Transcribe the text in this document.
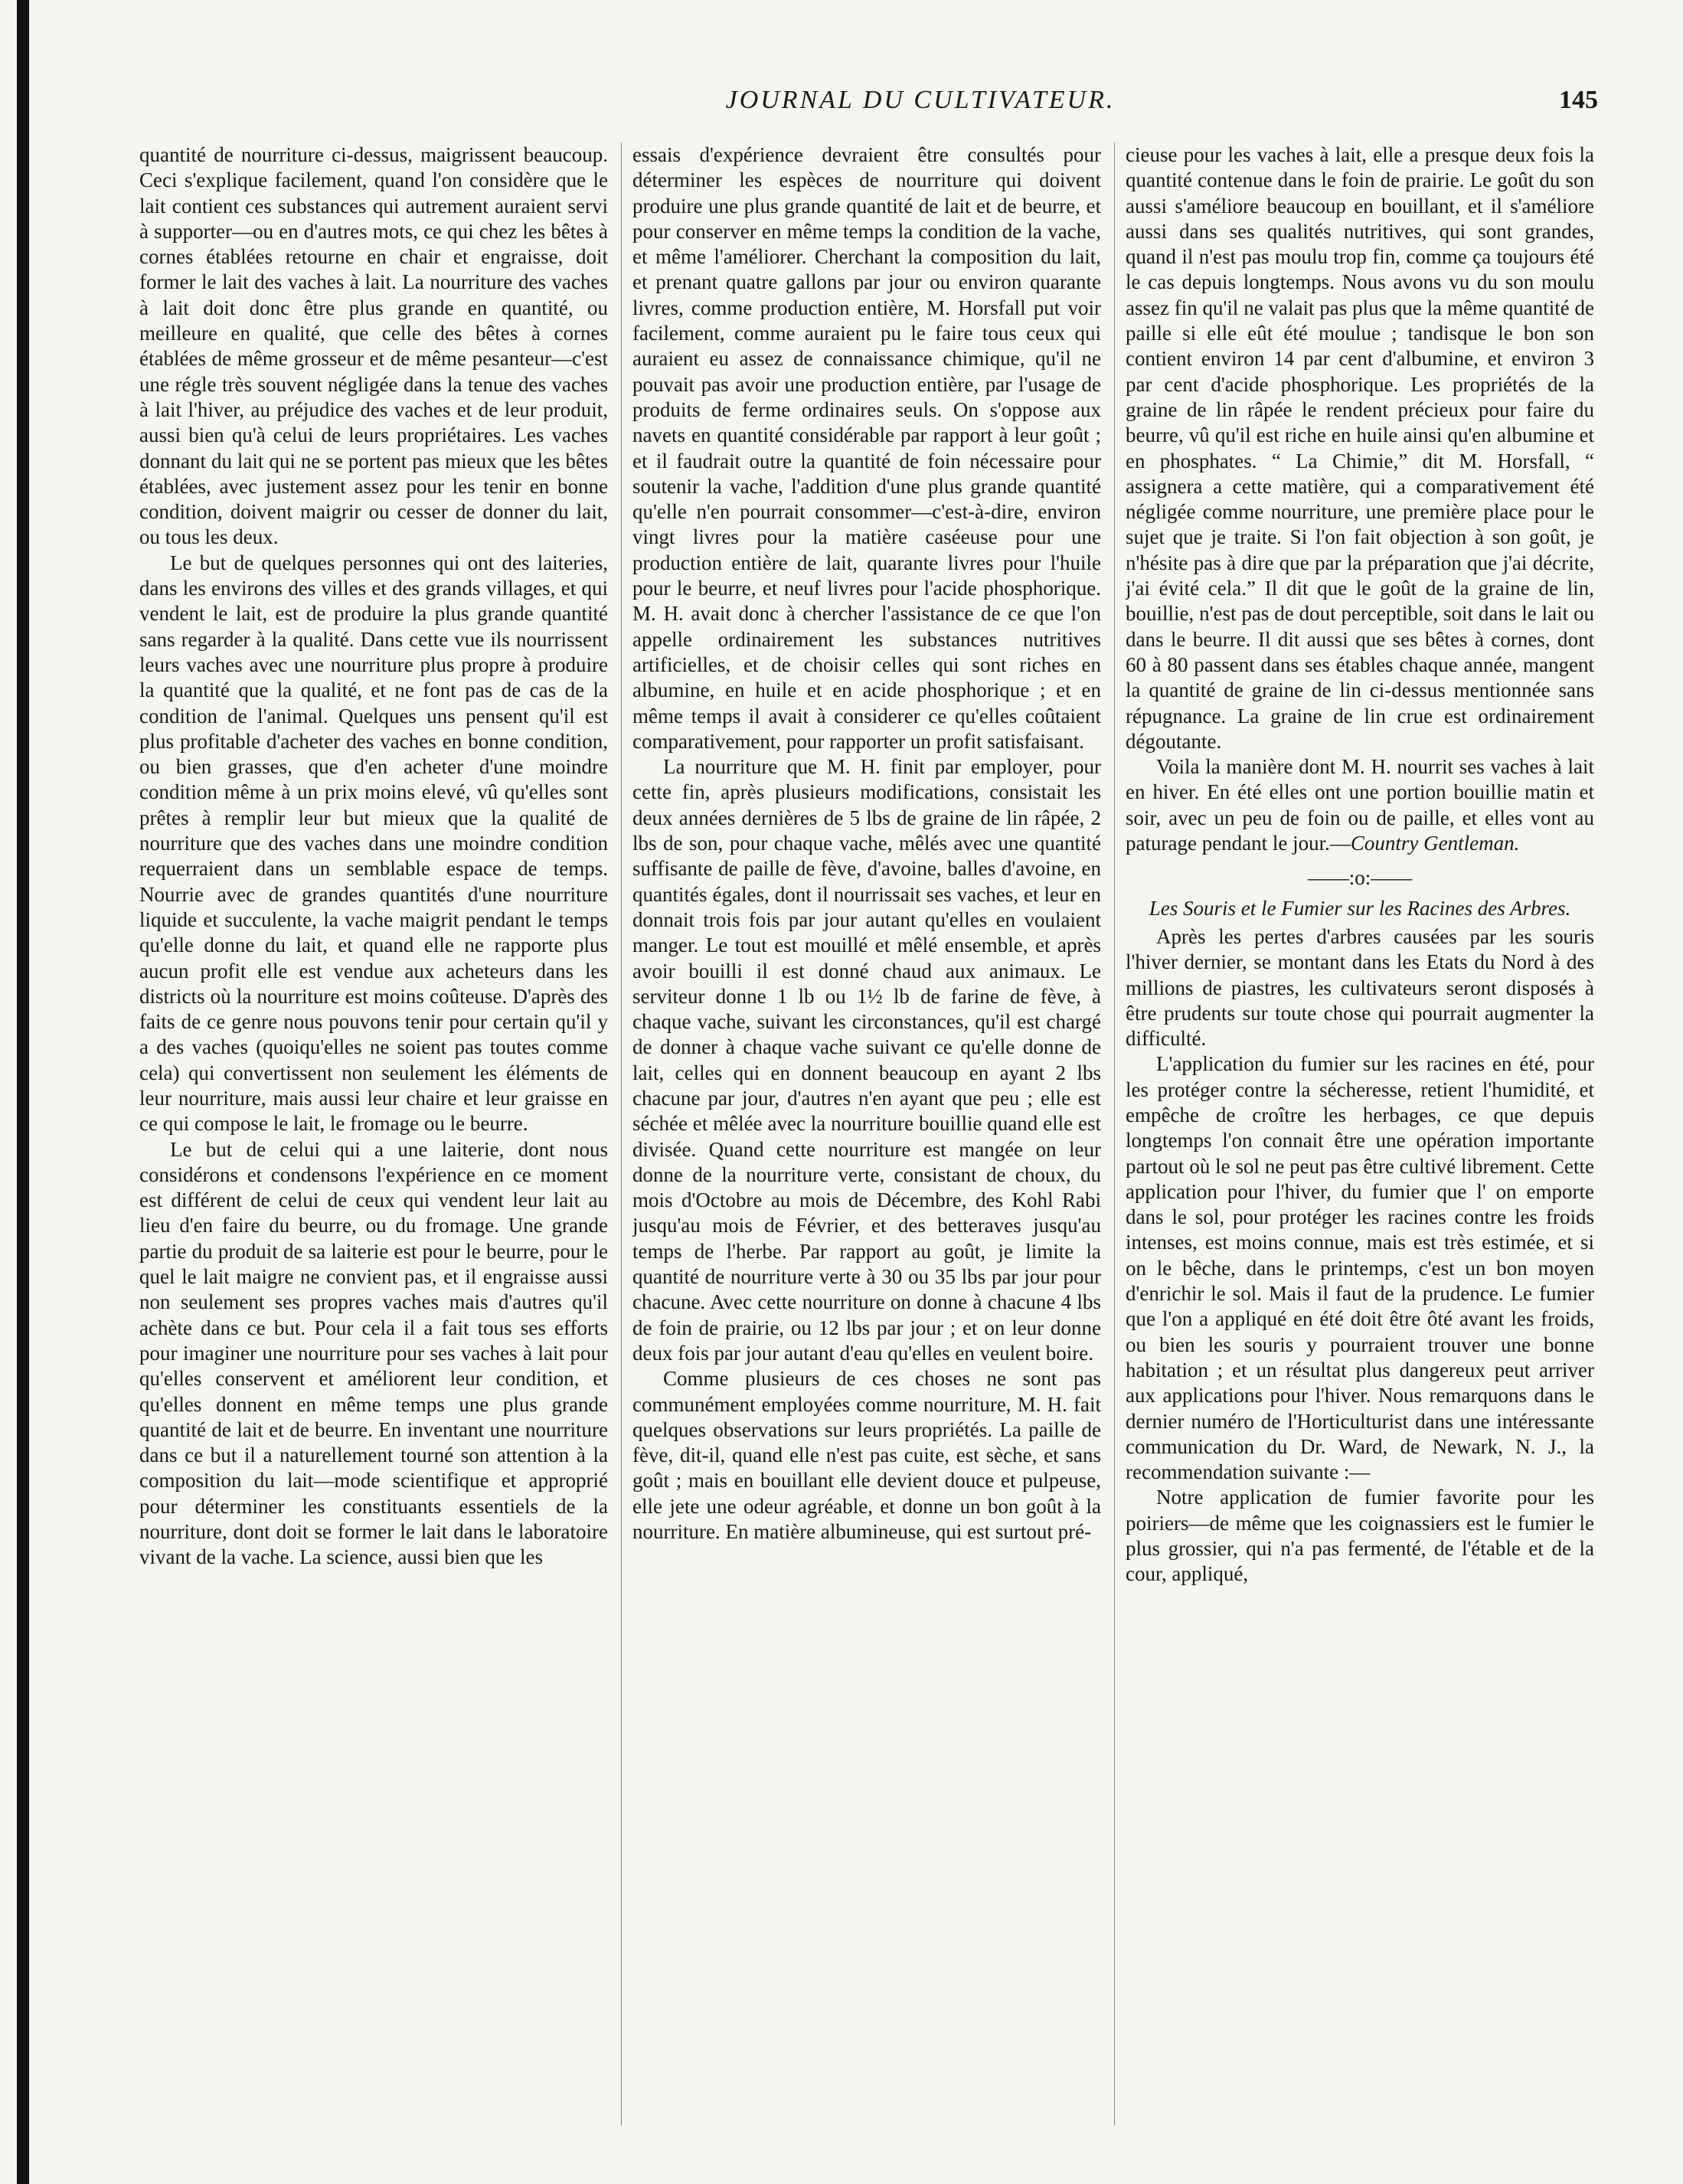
JOURNAL DU CULTIVATEUR.	145

quantité de nourriture ci-dessus, maigrissent beaucoup. Ceci s'explique facilement, quand l'on considère que le lait contient ces substances qui autrement auraient servi à supporter—ou en d'autres mots, ce qui chez les bêtes à cornes établées retourne en chair et engraisse, doit former le lait des vaches à lait. La nourriture des vaches à lait doit donc être plus grande en quantité, ou meilleure en qualité, que celle des bêtes à cornes établées de même grosseur et de même pesanteur—c'est une régle très souvent négligée dans la tenue des vaches à lait l'hiver, au préjudice des vaches et de leur produit, aussi bien qu'à celui de leurs propriétaires. Les vaches donnant du lait qui ne se portent pas mieux que les bêtes établées, avec justement assez pour les tenir en bonne condition, doivent maigrir ou cesser de donner du lait, ou tous les deux.

Le but de quelques personnes qui ont des laiteries, dans les environs des villes et des grands villages, et qui vendent le lait, est de produire la plus grande quantité sans regarder à la qualité. Dans cette vue ils nourrissent leurs vaches avec une nourriture plus propre à produire la quantité que la qualité, et ne font pas de cas de la condition de l'animal. Quelques uns pensent qu'il est plus profitable d'acheter des vaches en bonne condition, ou bien grasses, que d'en acheter d'une moindre condition même à un prix moins elevé, vû qu'elles sont prêtes à remplir leur but mieux que la qualité de nourriture que des vaches dans une moindre condition requerraient dans un semblable espace de temps. Nourrie avec de grandes quantités d'une nourriture liquide et succulente, la vache maigrit pendant le temps qu'elle donne du lait, et quand elle ne rapporte plus aucun profit elle est vendue aux acheteurs dans les districts où la nourriture est moins coûteuse. D'après des faits de ce genre nous pouvons tenir pour certain qu'il y a des vaches (quoiqu'elles ne soient pas toutes comme cela) qui convertissent non seulement les éléments de leur nourriture, mais aussi leur chaire et leur graisse en ce qui compose le lait, le fromage ou le beurre.

Le but de celui qui a une laiterie, dont nous considérons et condensons l'expérience en ce moment est différent de celui de ceux qui vendent leur lait au lieu d'en faire du beurre, ou du fromage. Une grande partie du produit de sa laiterie est pour le beurre, pour le quel le lait maigre ne convient pas, et il engraisse aussi non seulement ses propres vaches mais d'autres qu'il achète dans ce but. Pour cela il a fait tous ses efforts pour imaginer une nourriture pour ses vaches à lait pour qu'elles conservent et améliorent leur condition, et qu'elles donnent en même temps une plus grande quantité de lait et de beurre. En inventant une nourriture dans ce but il a naturellement tourné son attention à la composition du lait—mode scientifique et approprié pour déterminer les constituants essentiels de la nourriture, dont doit se former le lait dans le laboratoire vivant de la vache. La science, aussi bien que les

essais d'expérience devraient être consultés pour déterminer les espèces de nourriture qui doivent produire une plus grande quantité de lait et de beurre, et pour conserver en même temps la condition de la vache, et même l'améliorer. Cherchant la composition du lait, et prenant quatre gallons par jour ou environ quarante livres, comme production entière, M. Horsfall put voir facilement, comme auraient pu le faire tous ceux qui auraient eu assez de connaissance chimique, qu'il ne pouvait pas avoir une production entière, par l'usage de produits de ferme ordinaires seuls. On s'oppose aux navets en quantité considérable par rapport à leur goût ; et il faudrait outre la quantité de foin nécessaire pour soutenir la vache, l'addition d'une plus grande quantité qu'elle n'en pourrait consommer—c'est-à-dire, environ vingt livres pour la matière caséeuse pour une production entière de lait, quarante livres pour l'huile pour le beurre, et neuf livres pour l'acide phosphorique. M. H. avait donc à chercher l'assistance de ce que l'on appelle ordinairement les substances nutritives artificielles, et de choisir celles qui sont riches en albumine, en huile et en acide phosphorique ; et en même temps il avait à considerer ce qu'elles coûtaient comparativement, pour rapporter un profit satisfaisant.

La nourriture que M. H. finit par employer, pour cette fin, après plusieurs modifications, consistait les deux années dernières de 5 lbs de graine de lin râpée, 2 lbs de son, pour chaque vache, mêlés avec une quantité suffisante de paille de fève, d'avoine, balles d'avoine, en quantités égales, dont il nourrissait ses vaches, et leur en donnait trois fois par jour autant qu'elles en voulaient manger. Le tout est mouillé et mêlé ensemble, et après avoir bouilli il est donné chaud aux animaux. Le serviteur donne 1 lb ou 1½ lb de farine de fève, à chaque vache, suivant les circonstances, qu'il est chargé de donner à chaque vache suivant ce qu'elle donne de lait, celles qui en donnent beaucoup en ayant 2 lbs chacune par jour, d'autres n'en ayant que peu ; elle est séchée et mêlée avec la nourriture bouillie quand elle est divisée. Quand cette nourriture est mangée on leur donne de la nourriture verte, consistant de choux, du mois d'Octobre au mois de Décembre, des Kohl Rabi jusqu'au mois de Février, et des betteraves jusqu'au temps de l'herbe. Par rapport au goût, je limite la quantité de nourriture verte à 30 ou 35 lbs par jour pour chacune. Avec cette nourriture on donne à chacune 4 lbs de foin de prairie, ou 12 lbs par jour ; et on leur donne deux fois par jour autant d'eau qu'elles en veulent boire.

Comme plusieurs de ces choses ne sont pas communément employées comme nourriture, M. H. fait quelques observations sur leurs propriétés. La paille de fève, dit-il, quand elle n'est pas cuite, est sèche, et sans goût ; mais en bouillant elle devient douce et pulpeuse, elle jete une odeur agréable, et donne un bon goût à la nourriture. En matière albumineuse, qui est surtout pré-

cieuse pour les vaches à lait, elle a presque deux fois la quantité contenue dans le foin de prairie. Le goût du son aussi s'améliore beaucoup en bouillant, et il s'améliore aussi dans ses qualités nutritives, qui sont grandes, quand il n'est pas moulu trop fin, comme ça toujours été le cas depuis longtemps. Nous avons vu du son moulu assez fin qu'il ne valait pas plus que la même quantité de paille si elle eût été moulue ; tandisque le bon son contient environ 14 par cent d'albumine, et environ 3 par cent d'acide phosphorique. Les propriétés de la graine de lin râpée le rendent précieux pour faire du beurre, vû qu'il est riche en huile ainsi qu'en albumine et en phosphates. “ La Chimie,” dit M. Horsfall, “ assignera a cette matière, qui a comparativement été négligée comme nourriture, une première place pour le sujet que je traite. Si l'on fait objection à son goût, je n'hésite pas à dire que par la préparation que j'ai décrite, j'ai évité cela.” Il dit que le goût de la graine de lin, bouillie, n'est pas de dout perceptible, soit dans le lait ou dans le beurre. Il dit aussi que ses bêtes à cornes, dont 60 à 80 passent dans ses étables chaque année, mangent la quantité de graine de lin ci-dessus mentionnée sans répugnance. La graine de lin crue est ordinairement dégoutante.

Voila la manière dont M. H. nourrit ses vaches à lait en hiver. En été elles ont une portion bouillie matin et soir, avec un peu de foin ou de paille, et elles vont au paturage pendant le jour.—Country Gentleman.

——:o:——
Les Souris et le Fumier sur les Racines des Arbres.

Après les pertes d'arbres causées par les souris l'hiver dernier, se montant dans les Etats du Nord à des millions de piastres, les cultivateurs seront disposés à être prudents sur toute chose qui pourrait augmenter la difficulté.

L'application du fumier sur les racines en été, pour les protéger contre la sécheresse, retient l'humidité, et empêche de croître les herbages, ce que depuis longtemps l'on connait être une opération importante partout où le sol ne peut pas être cultivé librement. Cette application pour l'hiver, du fumier que l' on emporte dans le sol, pour protéger les racines contre les froids intenses, est moins connue, mais est très estimée, et si on le bêche, dans le printemps, c'est un bon moyen d'enrichir le sol. Mais il faut de la prudence. Le fumier que l'on a appliqué en été doit être ôté avant les froids, ou bien les souris y pourraient trouver une bonne habitation ; et un résultat plus dangereux peut arriver aux applications pour l'hiver. Nous remarquons dans le dernier numéro de l'Horticulturist dans une intéressante communication du Dr. Ward, de Newark, N. J., la recommendation suivante :—

Notre application de fumier favorite pour les poiriers—de même que les coignassiers est le fumier le plus grossier, qui n'a pas fermenté, de l'étable et de la cour, appliqué,
